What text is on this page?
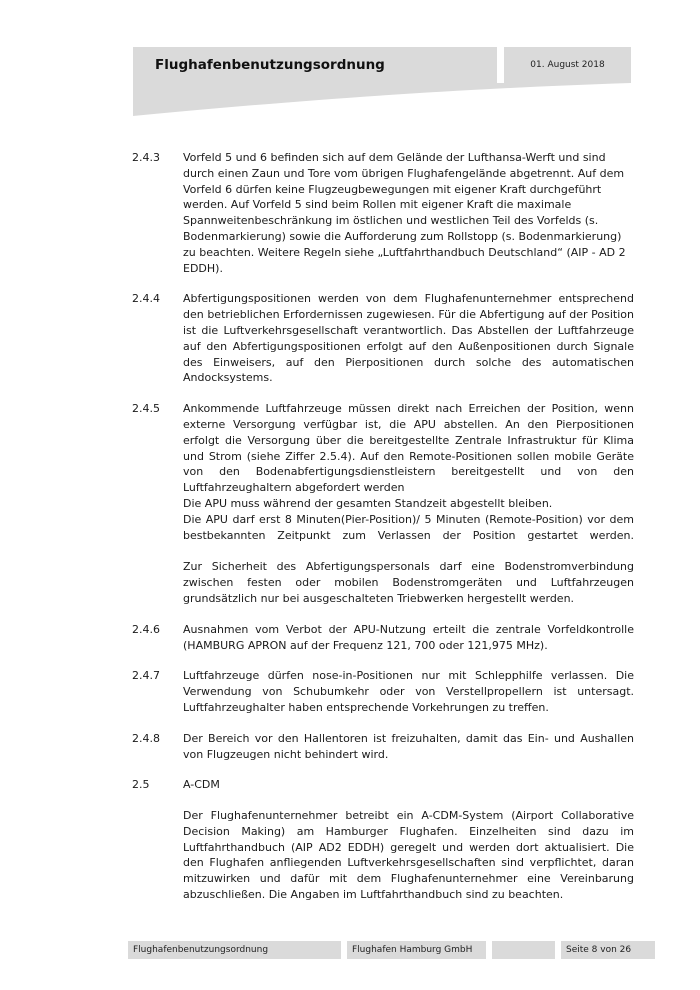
Flughafenbenutzungsordnung	01. August 2018
2.4.3	Vorfeld 5 und 6 befinden sich auf dem Gelände der Lufthansa-Werft und sind durch einen Zaun und Tore vom übrigen Flughafengelände abgetrennt. Auf dem Vorfeld 6 dürfen keine Flugzeugbewegungen mit eigener Kraft durchgeführt werden. Auf Vorfeld 5 sind beim Rollen mit eigener Kraft die maximale Spannweitenbeschränkung im östlichen und westlichen Teil des Vorfelds (s. Bodenmarkierung) sowie die Aufforderung zum Rollstopp (s. Bodenmarkierung) zu beachten. Weitere Regeln siehe „Luftfahrthandbuch Deutschland“ (AIP - AD 2 EDDH).

2.4.4	Abfertigungspositionen werden von dem Flughafenunternehmer entsprechend den betrieblichen Erfordernissen zugewiesen. Für die Abfertigung auf der Position ist die Luftverkehrsgesellschaft verantwortlich. Das Abstellen der Luftfahrzeuge auf den Abfertigungspositionen erfolgt auf den Außenpositionen durch Signale des Einweisers, auf den Pierpositionen durch solche des automatischen Andocksystems.

2.4.5	Ankommende Luftfahrzeuge müssen direkt nach Erreichen der Position, wenn externe Versorgung verfügbar ist, die APU abstellen. An den Pierpositionen erfolgt die Versorgung über die bereitgestellte Zentrale Infrastruktur für Klima und Strom (siehe Ziffer 2.5.4). Auf den Remote-Positionen sollen mobile Geräte von den Bodenabfertigungsdienstleistern bereitgestellt und von den Luftfahrzeughaltern abgefordert werden

Die APU muss während der gesamten Standzeit abgestellt bleiben.

Die APU darf erst 8 Minuten(Pier-Position)/ 5 Minuten (Remote-Position) vor dem bestbekannten Zeitpunkt zum Verlassen der Position gestartet werden.

Zur Sicherheit des Abfertigungspersonals darf eine Bodenstromverbindung zwischen festen oder mobilen Bodenstromgeräten und Luftfahrzeugen grundsätzlich nur bei ausgeschalteten Triebwerken hergestellt werden.

2.4.6	Ausnahmen vom Verbot der APU-Nutzung erteilt die zentrale Vorfeldkontrolle (HAMBURG APRON auf der Frequenz 121, 700 oder 121,975 MHz).

2.4.7	Luftfahrzeuge dürfen nose-in-Positionen nur mit Schlepphilfe verlassen. Die Verwendung von Schubumkehr oder von Verstellpropellern ist untersagt. Luftfahrzeughalter haben entsprechende Vorkehrungen zu treffen.

2.4.8	Der Bereich vor den Hallentoren ist freizuhalten, damit das Ein- und Aushallen von Flugzeugen nicht behindert wird.

2.5	A-CDM
Der Flughafenunternehmer betreibt ein A-CDM-System (Airport Collaborative Decision Making) am Hamburger Flughafen. Einzelheiten sind dazu im Luftfahrthandbuch (AIP AD2 EDDH) geregelt und werden dort aktualisiert. Die den Flughafen anfliegenden Luftverkehrsgesellschaften sind verpflichtet, daran mitzuwirken und dafür mit dem Flughafenunternehmer eine Vereinbarung abzuschließen. Die Angaben im Luftfahrthandbuch sind zu beachten.
Flughafenbenutzungsordnung	Flughafen Hamburg GmbH	Seite 8 von 26
